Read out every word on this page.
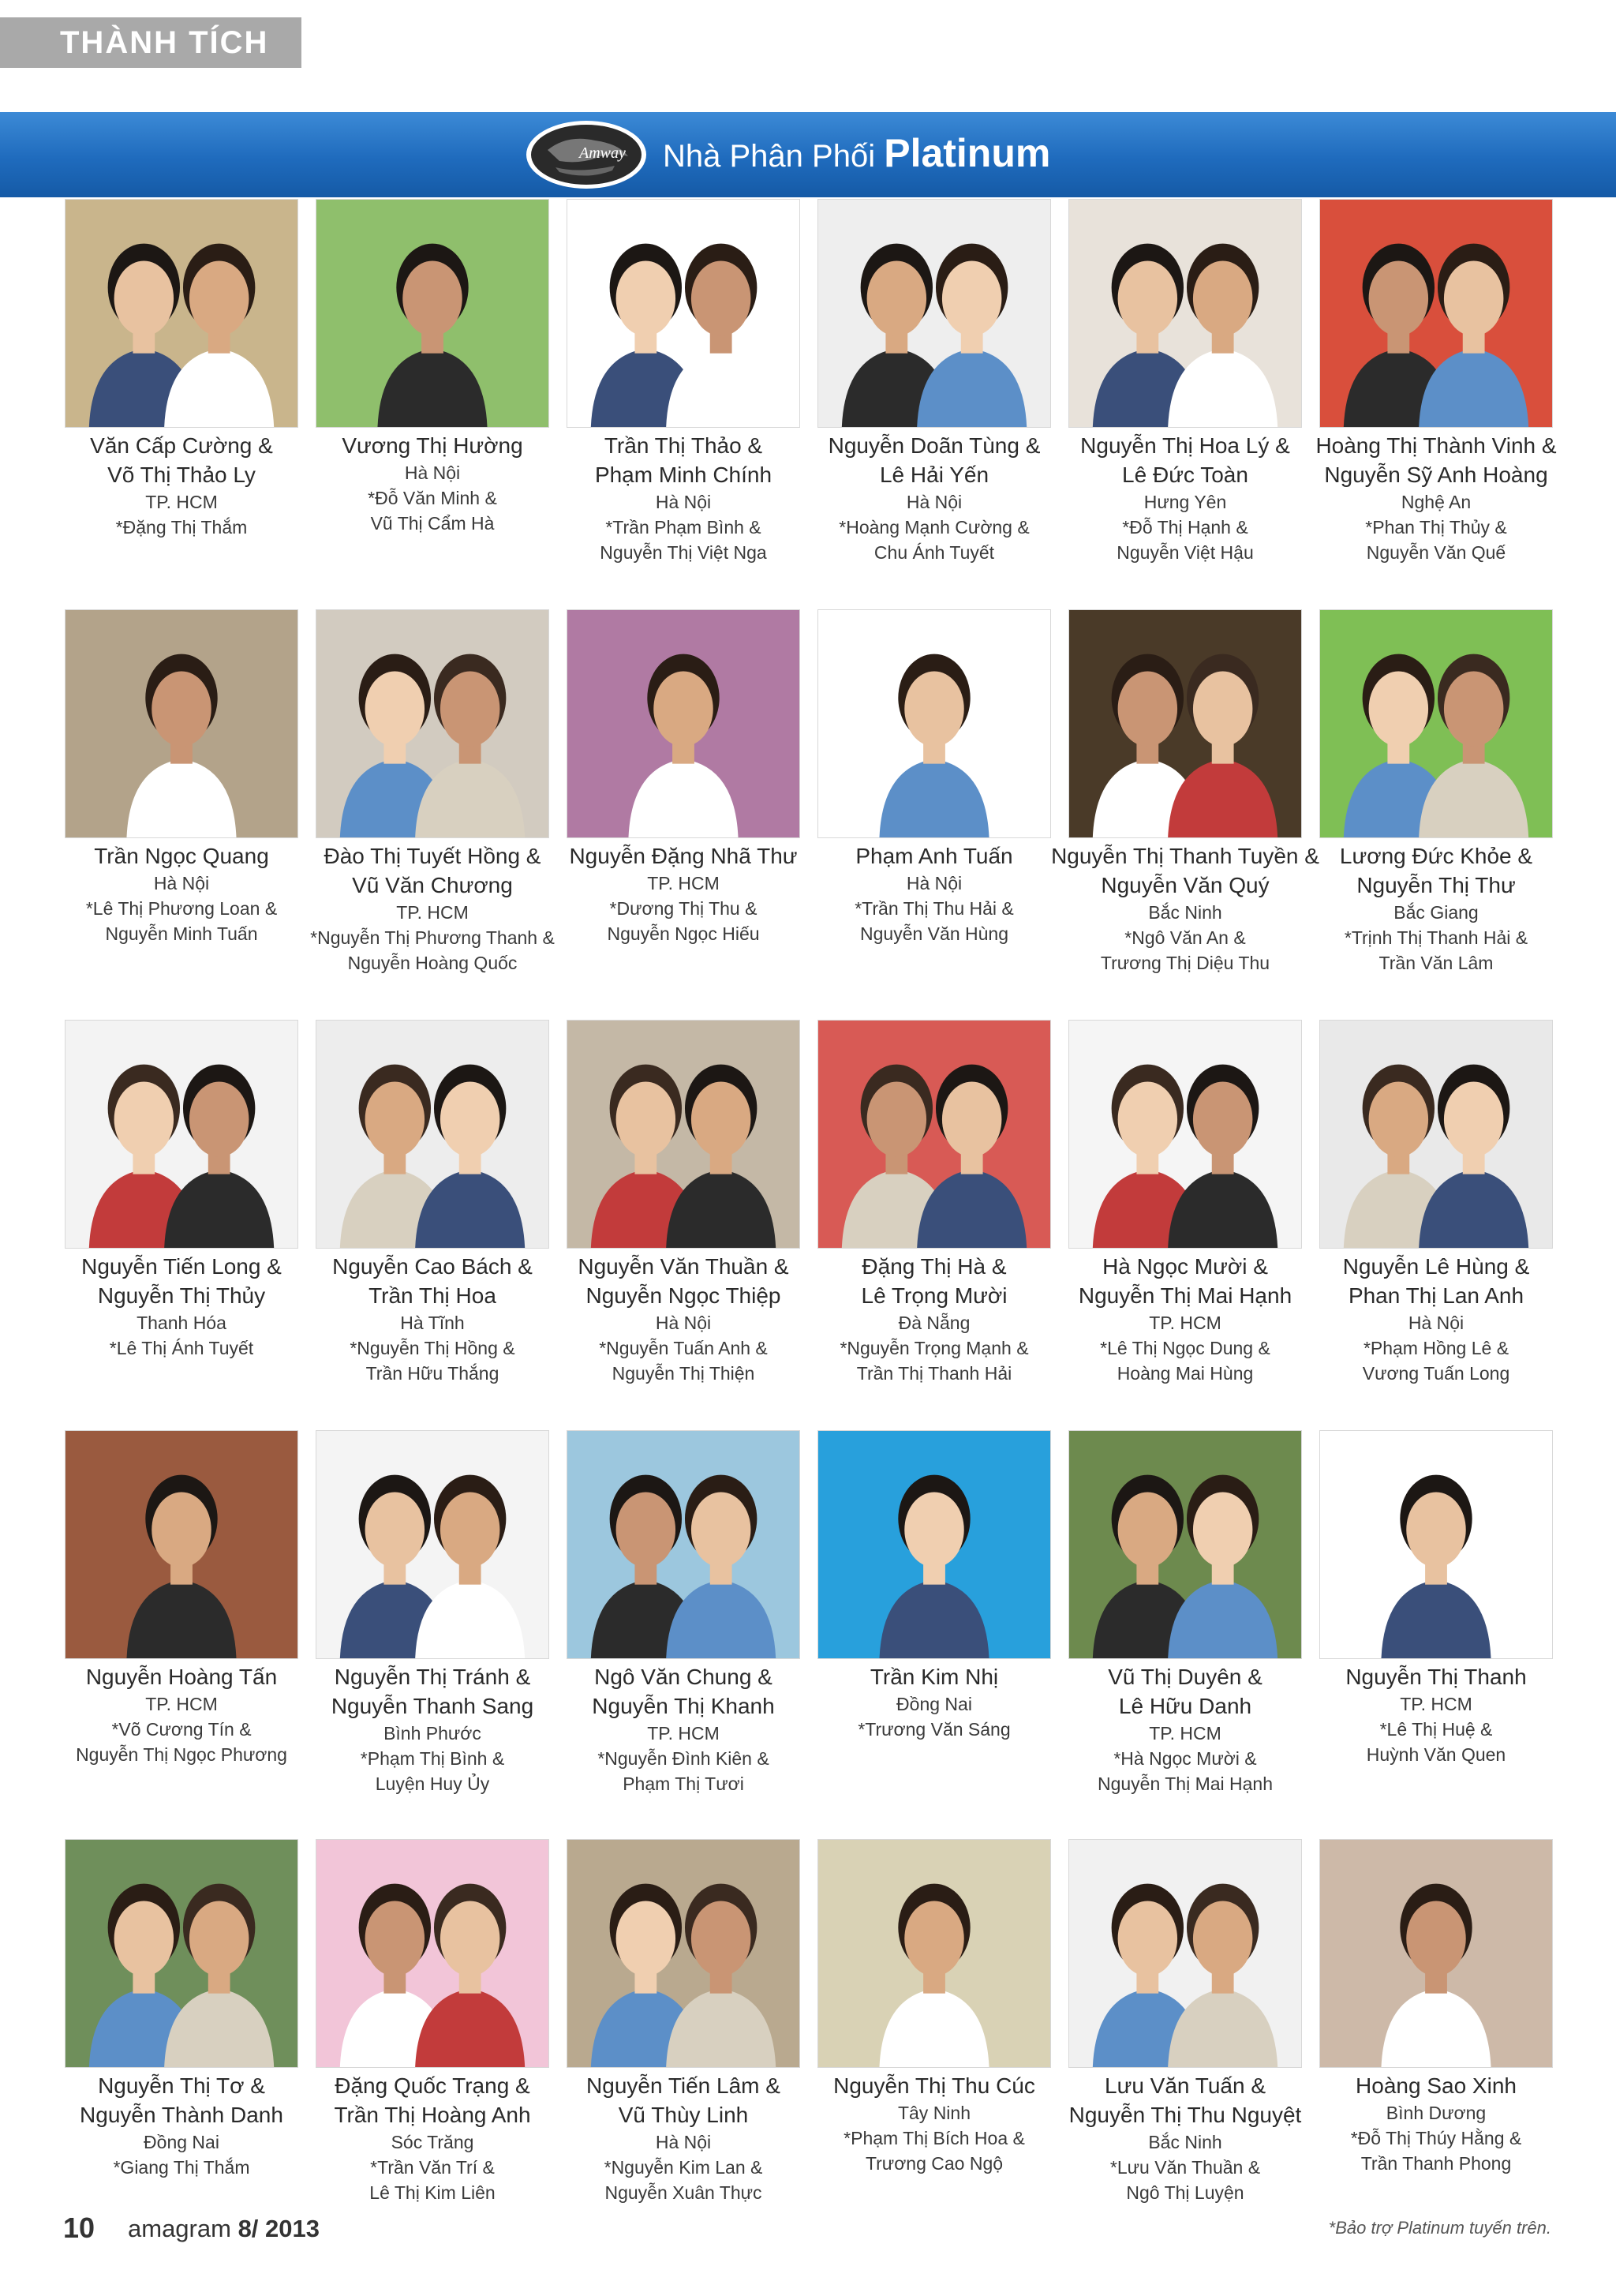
THÀNH TÍCH
Amway Nhà Phân Phối Platinum
Văn Cấp Cường &
Võ Thị Thảo Ly
TP. HCM
*Đặng Thị Thắm
Vương Thị Hường
Hà Nội
*Đỗ Văn Minh &
Vũ Thị Cẩm Hà
Trần Thị Thảo &
Phạm Minh Chính
Hà Nội
*Trần Phạm Bình &
Nguyễn Thị Việt Nga
Nguyễn Doãn Tùng &
Lê Hải Yến
Hà Nội
*Hoàng Mạnh Cường &
Chu Ánh Tuyết
Nguyễn Thị Hoa Lý &
Lê Đức Toàn
Hưng Yên
*Đỗ Thị Hạnh &
Nguyễn Việt Hậu
Hoàng Thị Thành Vinh &
Nguyễn Sỹ Anh Hoàng
Nghệ An
*Phan Thị Thủy &
Nguyễn Văn Quế
Trần Ngọc Quang
Hà Nội
*Lê Thị Phương Loan &
Nguyễn Minh Tuấn
Đào Thị Tuyết Hồng &
Vũ Văn Chương
TP. HCM
*Nguyễn Thị Phương Thanh &
Nguyễn Hoàng Quốc
Nguyễn Đặng Nhã Thư
TP. HCM
*Dương Thị Thu &
Nguyễn Ngọc Hiếu
Phạm Anh Tuấn
Hà Nội
*Trần Thị Thu Hải &
Nguyễn Văn Hùng
Nguyễn Thị Thanh Tuyền &
Nguyễn Văn Quý
Bắc Ninh
*Ngô Văn An &
Trương Thị Diệu Thu
Lương Đức Khỏe &
Nguyễn Thị Thư
Bắc Giang
*Trịnh Thị Thanh Hải &
Trần Văn Lâm
Nguyễn Tiến Long &
Nguyễn Thị Thủy
Thanh Hóa
*Lê Thị Ánh Tuyết
Nguyễn Cao Bách &
Trần Thị Hoa
Hà Tĩnh
*Nguyễn Thị Hồng &
Trần Hữu Thắng
Nguyễn Văn Thuần &
Nguyễn Ngọc Thiệp
Hà Nội
*Nguyễn Tuấn Anh &
Nguyễn Thị Thiện
Đặng Thị Hà &
Lê Trọng Mười
Đà Nẵng
*Nguyễn Trọng Mạnh &
Trần Thị Thanh Hải
Hà Ngọc Mười &
Nguyễn Thị Mai Hạnh
TP. HCM
*Lê Thị Ngọc Dung &
Hoàng Mai Hùng
Nguyễn Lê Hùng &
Phan Thị Lan Anh
Hà Nội
*Phạm Hồng Lê &
Vương Tuấn Long
Nguyễn Hoàng Tấn
TP. HCM
*Võ Cương Tín &
Nguyễn Thị Ngọc Phương
Nguyễn Thị Tránh &
Nguyễn Thanh Sang
Bình Phước
*Phạm Thị Bình &
Luyện Huy Ủy
Ngô Văn Chung &
Nguyễn Thị Khanh
TP. HCM
*Nguyễn Đình Kiên &
Phạm Thị Tươi
Trần Kim Nhị
Đồng Nai
*Trương Văn Sáng
Vũ Thị Duyên &
Lê Hữu Danh
TP. HCM
*Hà Ngọc Mười &
Nguyễn Thị Mai Hạnh
Nguyễn Thị Thanh
TP. HCM
*Lê Thị Huệ &
Huỳnh Văn Quen
Nguyễn Thị Tơ &
Nguyễn Thành Danh
Đồng Nai
*Giang Thị Thắm
Đặng Quốc Trạng &
Trần Thị Hoàng Anh
Sóc Trăng
*Trần Văn Trí &
Lê Thị Kim Liên
Nguyễn Tiến Lâm &
Vũ Thùy Linh
Hà Nội
*Nguyễn Kim Lan &
Nguyễn Xuân Thực
Nguyễn Thị Thu Cúc
Tây Ninh
*Phạm Thị Bích Hoa &
Trương Cao Ngộ
Lưu Văn Tuấn &
Nguyễn Thị Thu Nguyệt
Bắc Ninh
*Lưu Văn Thuần &
Ngô Thị Luyện
Hoàng Sao Xinh
Bình Dương
*Đỗ Thị Thúy Hằng &
Trần Thanh Phong
10 amagram 8/ 2013	*Bảo trợ Platinum tuyến trên.
